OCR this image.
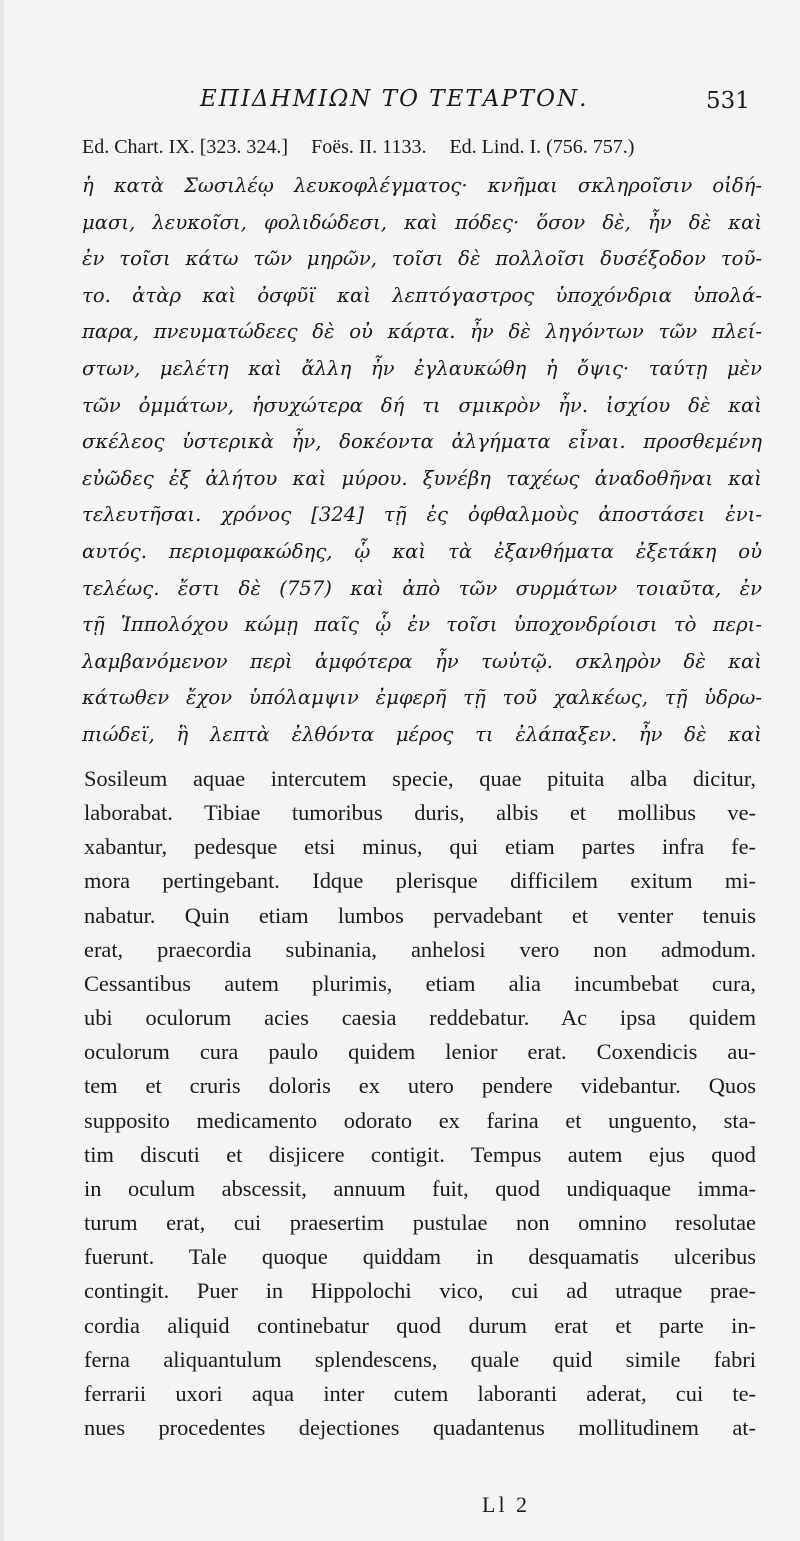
ΕΠΙΔΗΜΙΩΝ ΤΟ ΤΕΤΑΡΤΟΝ.	531
Ed. Chart. IX. [323. 324.] Foës. II. 1133. Ed. Lind. I. (756. 757.)
ἡ κατὰ Σωσιλέῳ λευκοφλέγματος· κνῆμαι σκληροῖσιν οἰδή-
μασι, λευκοῖσι, φολιδώδεσι, καὶ πόδες· ὅσον δὲ, ἦν δὲ καὶ
ἐν τοῖσι κάτω τῶν μηρῶν, τοῖσι δὲ πολλοῖσι δυσέξοδον τοῦ-
το. ἀτὰρ καὶ ὀσφῦϊ καὶ λεπτόγαστρος ὑποχόνδρια ὑπολά-
παρα, πνευματώδεες δὲ οὐ κάρτα. ἦν δὲ ληγόντων τῶν πλεί-
στων, μελέτη καὶ ἄλλη ἦν ἐγλαυκώθη ἡ ὄψις· ταύτῃ μὲν
τῶν ὀμμάτων, ἡσυχώτερα δή τι σμικρὸν ἦν. ἰσχίου δὲ καὶ
σκέλεος ὑστερικὰ ἦν, δοκέοντα ἀλγήματα εἶναι. προσθεμένη
εὐῶδες ἐξ ἀλήτου καὶ μύρου. ξυνέβη ταχέως ἀναδοθῆναι καὶ
τελευτῆσαι. χρόνος [324] τῇ ἐς ὀφθαλμοὺς ἀποστάσει ἐνι-
αυτός. περιομφακώδης, ᾧ καὶ τὰ ἐξανθήματα ἐξετάκη οὐ
τελέως. ἔστι δὲ (757) καὶ ἀπὸ τῶν συρμάτων τοιαῦτα, ἐν
τῇ Ἱππολόχου κώμῃ παῖς ᾧ ἐν τοῖσι ὑποχονδρίοισι τὸ περι-
λαμβανόμενον περὶ ἀμφότερα ἦν τωὐτῷ. σκληρὸν δὲ καὶ
κάτωθεν ἔχον ὑπόλαμψιν ἐμφερῆ τῇ τοῦ χαλκέως, τῇ ὑδρω-
πιώδεϊ, ἣ λεπτὰ ἐλθόντα μέρος τι ἐλάπαξεν. ἦν δὲ καὶ
Sosileum aquae intercutem specie, quae pituita alba dicitur,
laborabat. Tibiae tumoribus duris, albis et mollibus ve-
xabantur, pedesque etsi minus, qui etiam partes infra fe-
mora pertingebant. Idque plerisque difficilem exitum mi-
nabatur. Quin etiam lumbos pervadebant et venter tenuis
erat, praecordia subinania, anhelosi vero non admodum.
Cessantibus autem plurimis, etiam alia incumbebat cura,
ubi oculorum acies caesia reddebatur. Ac ipsa quidem
oculorum cura paulo quidem lenior erat. Coxendicis au-
tem et cruris doloris ex utero pendere videbantur. Quos
supposito medicamento odorato ex farina et unguento, sta-
tim discuti et disjicere contigit. Tempus autem ejus quod
in oculum abscessit, annuum fuit, quod undiquaque imma-
turum erat, cui praesertim pustulae non omnino resolutae
fuerunt. Tale quoque quiddam in desquamatis ulceribus
contingit. Puer in Hippolochi vico, cui ad utraque prae-
cordia aliquid continebatur quod durum erat et parte in-
ferna aliquantulum splendescens, quale quid simile fabri
ferrarii uxori aqua inter cutem laboranti aderat, cui te-
nues procedentes dejectiones quadantenus mollitudinem at-
Ll 2
